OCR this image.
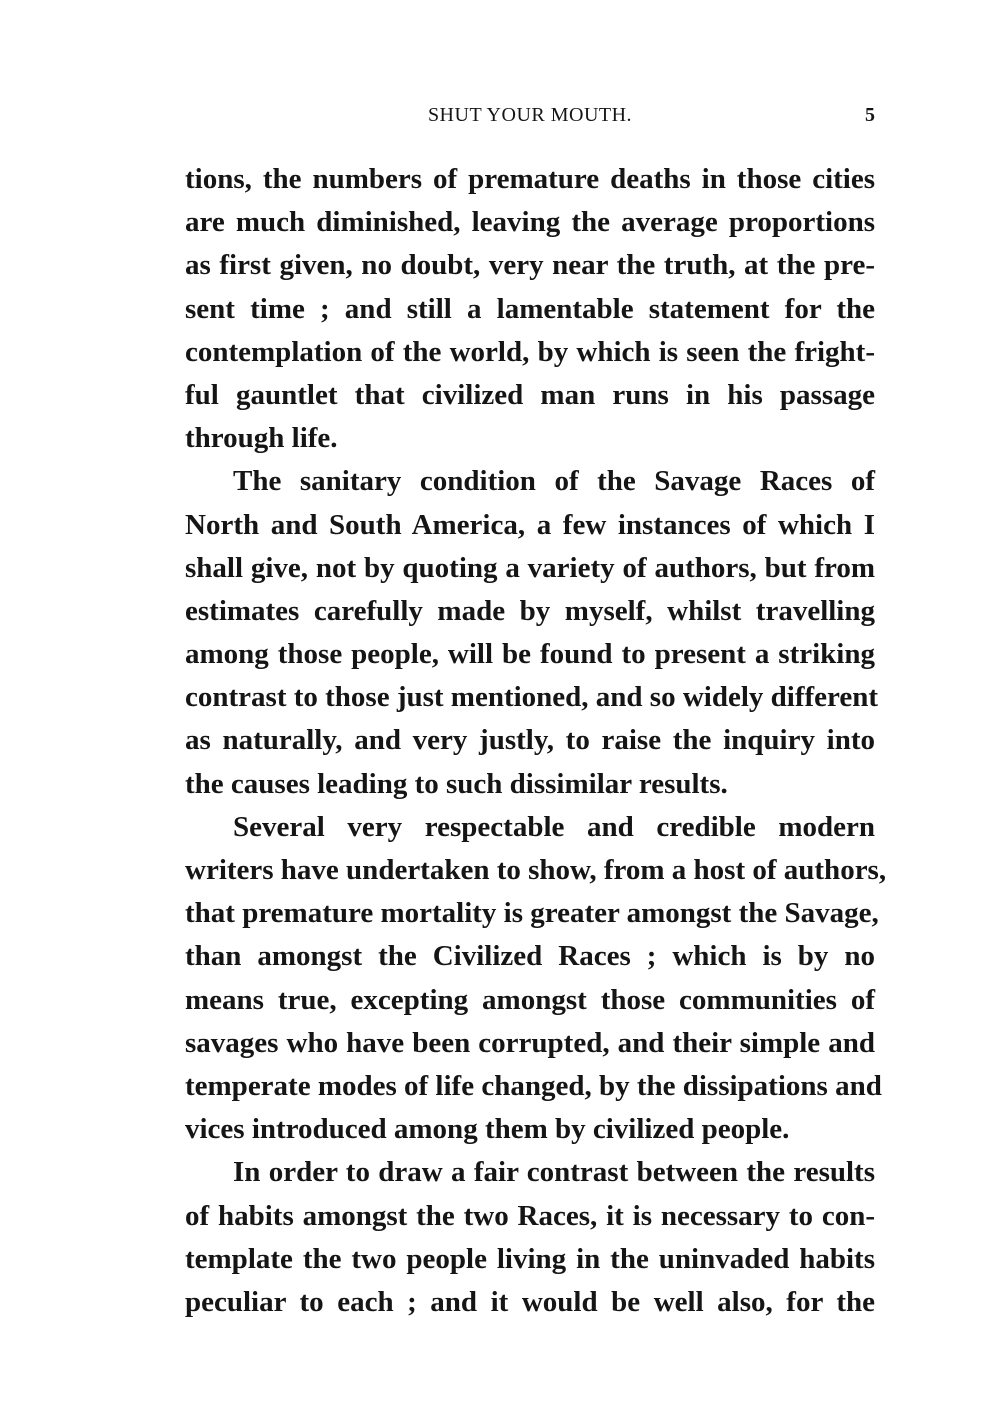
SHUT YOUR MOUTH.	5
tions, the numbers of premature deaths in those cities
are much diminished, leaving the average proportions
as first given, no doubt, very near the truth, at the pre-
sent time ; and still a lamentable statement for the
contemplation of the world, by which is seen the fright-
ful gauntlet that civilized man runs in his passage
through life.
The sanitary condition of the Savage Races of
North and South America, a few instances of which I
shall give, not by quoting a variety of authors, but from
estimates carefully made by myself, whilst travelling
among those people, will be found to present a striking
contrast to those just mentioned, and so widely different
as naturally, and very justly, to raise the inquiry into
the causes leading to such dissimilar results.
Several very respectable and credible modern
writers have undertaken to show, from a host of authors,
that premature mortality is greater amongst the Savage,
than amongst the Civilized Races ; which is by no
means true, excepting amongst those communities of
savages who have been corrupted, and their simple and
temperate modes of life changed, by the dissipations and
vices introduced among them by civilized people.
In order to draw a fair contrast between the results
of habits amongst the two Races, it is necessary to con-
template the two people living in the uninvaded habits
peculiar to each ; and it would be well also, for the
